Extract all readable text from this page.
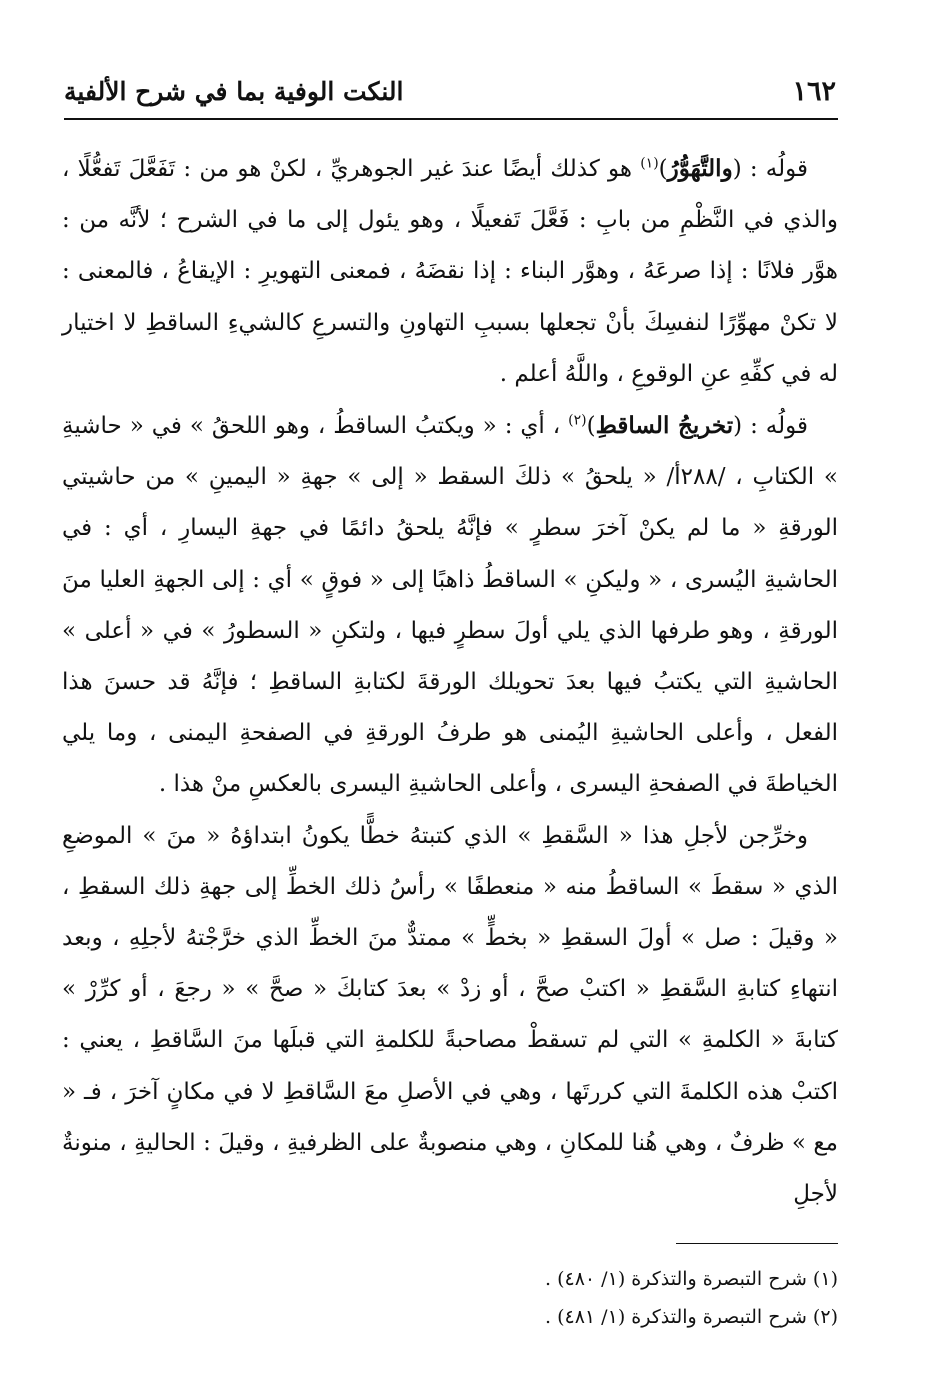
١٦٢
النكت الوفية بما في شرح الألفية

قولُه : (والتَّهَوُّرُ)$^{(١)}$ هو كذلك أيضًا عندَ غير الجوهريِّ ، لكنْ هو من : تَفَعَّلَ تَفعُّلًا ، والذي في النَّظْمِ من بابِ : فَعَّلَ تَفعيلًا ، وهو يئول إلى ما في الشرح ؛ لأنَّه من : هوَّر فلانًا : إذا صرعَهُ ، وهوَّر البناء : إذا نقضَهُ ، فمعنى التهويرِ : الإيقاعُ ، فالمعنى : لا تكنْ مهوِّرًا لنفسِكَ بأنْ تجعلها بسببِ التهاونِ والتسرعِ كالشيءِ الساقطِ لا اختيار له في كفِّهِ عنِ الوقوعِ ، واللَّهُ أعلم .

قولُه : (تخريجُ الساقطِ)$^{(٢)}$ ، أي : « ويكتبُ الساقطُ ، وهو اللحقُ » في « حاشيةِ » الكتابِ ، /٢٨٨أ/ « يلحقُ » ذلكَ السقط « إلى » جهةِ « اليمينِ » من حاشيتي الورقةِ « ما لم يكنْ آخرَ سطرٍ » فإنَّهُ يلحقُ دائمًا في جهةِ اليسارِ ، أي : في الحاشيةِ اليُسرى ، « وليكنِ » الساقطُ ذاهبًا إلى « فوقٍ » أي : إلى الجهةِ العليا منَ الورقةِ ، وهو طرفها الذي يلي أولَ سطرٍ فيها ، ولتكنِ « السطورُ » في « أعلى » الحاشيةِ التي يكتبُ فيها بعدَ تحويلك الورقةَ لكتابةِ الساقطِ ؛ فإنَّهُ قد حسنَ هذا الفعل ، وأعلى الحاشيةِ اليُمنى هو طرفُ الورقةِ في الصفحةِ اليمنى ، وما يلي الخياطةَ في الصفحةِ اليسرى ، وأعلى الحاشيةِ اليسرى بالعكسِ منْ هذا .

وخرِّجن لأجلِ هذا « السَّقطِ » الذي كتبتهُ خطًّا يكونُ ابتداؤهُ « منَ » الموضعِ الذي « سقطَ » الساقطُ منه « منعطفًا » رأسُ ذلك الخطِّ إلى جهةِ ذلك السقطِ ، « وقيلَ : صل » أولَ السقطِ « بخطٍّ » ممتدٌّ منَ الخطِّ الذي خرَّجْتهُ لأجلِهِ ، وبعد انتهاءِ كتابةِ السَّقطِ « اكتبْ صحَّ ، أو زدْ » بعدَ كتابكَ « صحَّ » « رجعَ ، أو كرِّرْ » كتابةَ « الكلمةِ » التي لم تسقطْ مصاحبةً للكلمةِ التي قبلَها منَ السَّاقطِ ، يعني : اكتبْ هذه الكلمةَ التي كررتَها ، وهي في الأصلِ معَ السَّاقطِ لا في مكانٍ آخرَ ، فـ « مع » ظرفٌ ، وهي هُنا للمكانِ ، وهي منصوبةٌ على الظرفيةِ ، وقيلَ : الحاليةِ ، منونةٌ لأجلِ

(١) شرح التبصرة والتذكرة (١/ ٤٨٠) .
(٢) شرح التبصرة والتذكرة (١/ ٤٨١) .
